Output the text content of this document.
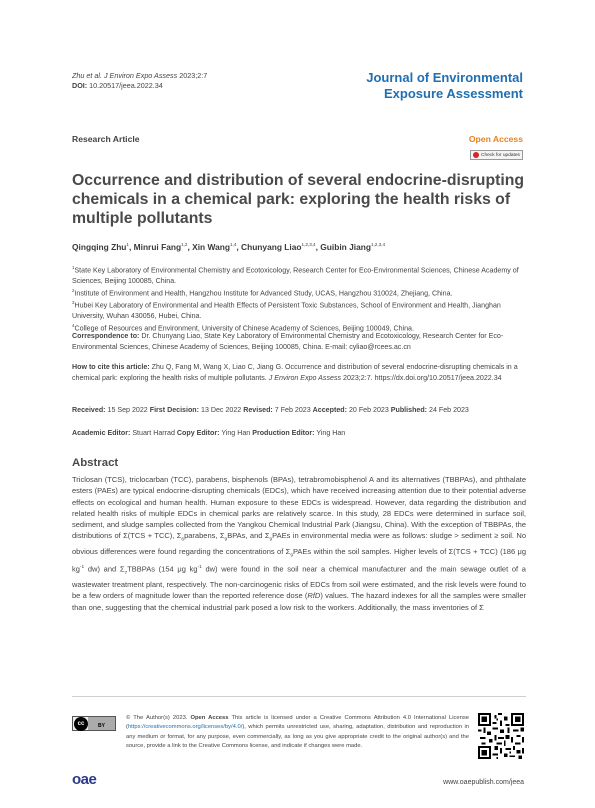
Zhu et al. J Environ Expo Assess 2023;2:7
DOI: 10.20517/jeea.2022.34
Journal of Environmental
Exposure Assessment
Research Article	Open Access
Check for updates
Occurrence and distribution of several endocrine-disrupting chemicals in a chemical park: exploring the health risks of multiple pollutants
Qingqing Zhu$^1$, Minrui Fang$^{1,2}$, Xin Wang$^{1,4}$, Chunyang Liao$^{1,2,3,4}$, Guibin Jiang$^{1,2,3,4}$
$^1$State Key Laboratory of Environmental Chemistry and Ecotoxicology, Research Center for Eco-Environmental Sciences, Chinese Academy of Sciences, Beijing 100085, China.
$^2$Institute of Environment and Health, Hangzhou Institute for Advanced Study, UCAS, Hangzhou 310024, Zhejiang, China.
$^3$Hubei Key Laboratory of Environmental and Health Effects of Persistent Toxic Substances, School of Environment and Health, Jianghan University, Wuhan 430056, Hubei, China.
$^4$College of Resources and Environment, University of Chinese Academy of Sciences, Beijing 100049, China.
Correspondence to: Dr. Chunyang Liao, State Key Laboratory of Environmental Chemistry and Ecotoxicology, Research Center for Eco-Environmental Sciences, Chinese Academy of Sciences, Beijing 100085, China. E-mail: cyliao@rcees.ac.cn
How to cite this article: Zhu Q, Fang M, Wang X, Liao C, Jiang G. Occurrence and distribution of several endocrine-disrupting chemicals in a chemical park: exploring the health risks of multiple pollutants. J Environ Expo Assess 2023;2:7. https://dx.doi.org/10.20517/jeea.2022.34
Received: 15 Sep 2022 First Decision: 13 Dec 2022 Revised: 7 Feb 2023 Accepted: 20 Feb 2023 Published: 24 Feb 2023
Academic Editor: Stuart Harrad Copy Editor: Ying Han Production Editor: Ying Han
Abstract

Triclosan (TCS), triclocarban (TCC), parabens, bisphenols (BPAs), tetrabromobisphenol A and its alternatives (TBBPAs), and phthalate esters (PAEs) are typical endocrine-disrupting chemicals (EDCs), which have received increasing attention due to their potential adverse effects on ecological and human health. Human exposure to these EDCs is widespread. However, data regarding the distribution and related health risks of multiple EDCs in chemical parks are relatively scarce. In this study, 28 EDCs were determined in surface soil, sediment, and sludge samples collected from the Yangkou Chemical Industrial Park (Jiangsu, China). With the exception of TBBPAs, the distributions of Σ(TCS + TCC), $\Sigma_6parabens$, $\Sigma_9BPAs$, and $\Sigma_9PAEs$ in environmental media were as follows: sludge > sediment ≥ soil. No obvious differences were found regarding the concentrations of $\Sigma_9PAEs$ within the soil samples. Higher levels of Σ(TCS + TCC) (186 μg $kg^{-1}$ dw) and $\Sigma_7TBBPAs$ (154 μg $kg^{-1}$ dw) were found in the soil near a chemical manufacturer and the main sewage outlet of a wastewater treatment plant, respectively. The non-carcinogenic risks of EDCs from soil were estimated, and the risk levels were found to be a few orders of magnitude lower than the reported reference dose (RfD) values. The hazard indexes for all the samples were smaller than one, suggesting that the chemical industrial park posed a low risk to the workers. Additionally, the mass inventories of Σ

cc	BY
© The Author(s) 2023. Open Access This article is licensed under a Creative Commons Attribution 4.0 International License (https://creativecommons.org/licenses/by/4.0/), which permits unrestricted use, sharing, adaptation, distribution and reproduction in any medium or format, for any purpose, even commercially, as long as you give appropriate credit to the original author(s) and the source, provide a link to the Creative Commons license, and indicate if changes were made.
oae	www.oaepublish.com/jeea
